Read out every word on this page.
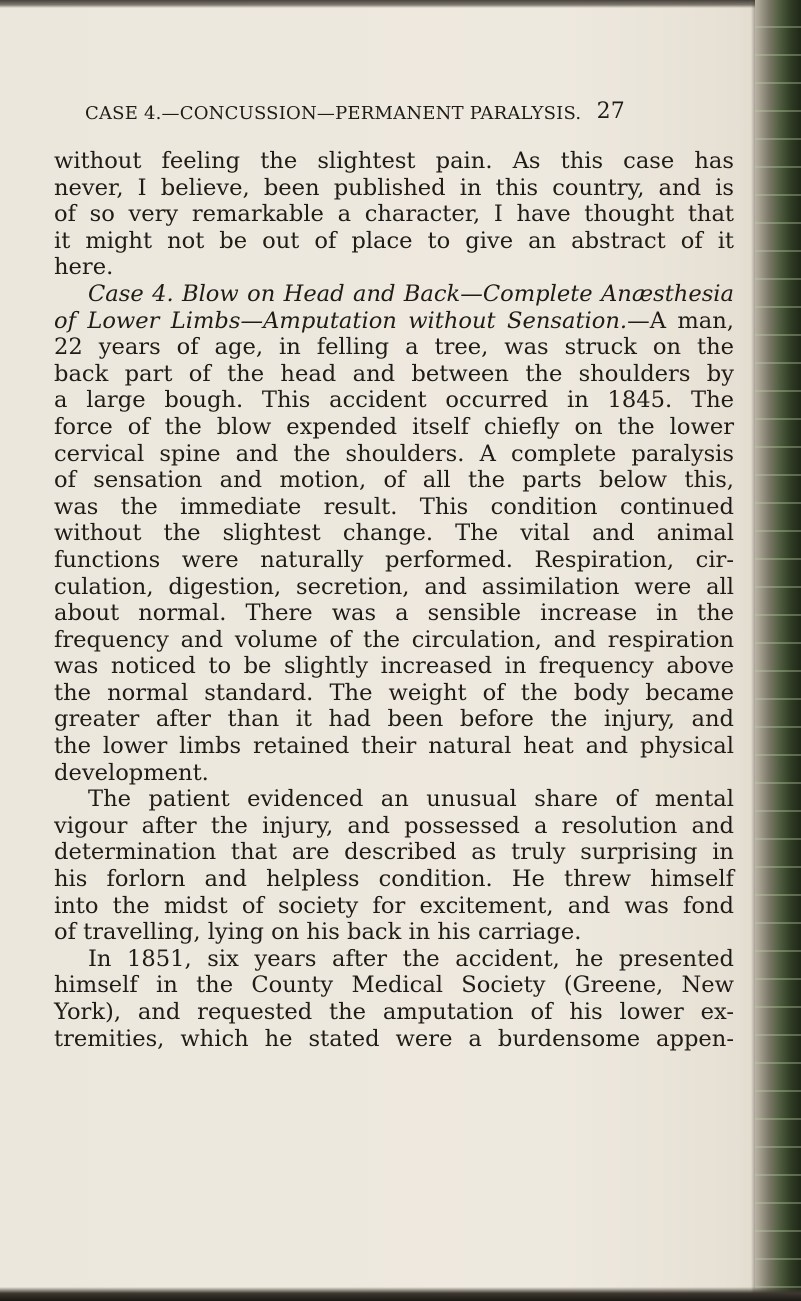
CASE 4.—CONCUSSION—PERMANENT PARALYSIS. 27

without feeling the slightest pain. As this case has
never, I believe, been published in this country, and is
of so very remarkable a character, I have thought that
it might not be out of place to give an abstract of it
here.

Case 4. Blow on Head and Back—Complete Anæsthesia
of Lower Limbs—Amputation without Sensation.—A man,
22 years of age, in felling a tree, was struck on the
back part of the head and between the shoulders by
a large bough. This accident occurred in 1845. The
force of the blow expended itself chiefly on the lower
cervical spine and the shoulders. A complete paralysis
of sensation and motion, of all the parts below this,
was the immediate result. This condition continued
without the slightest change. The vital and animal
functions were naturally performed. Respiration, cir-
culation, digestion, secretion, and assimilation were all
about normal. There was a sensible increase in the
frequency and volume of the circulation, and respiration
was noticed to be slightly increased in frequency above
the normal standard. The weight of the body became
greater after than it had been before the injury, and
the lower limbs retained their natural heat and physical
development.

The patient evidenced an unusual share of mental
vigour after the injury, and possessed a resolution and
determination that are described as truly surprising in
his forlorn and helpless condition. He threw himself
into the midst of society for excitement, and was fond
of travelling, lying on his back in his carriage.

In 1851, six years after the accident, he presented
himself in the County Medical Society (Greene, New
York), and requested the amputation of his lower ex-
tremities, which he stated were a burdensome appen-
